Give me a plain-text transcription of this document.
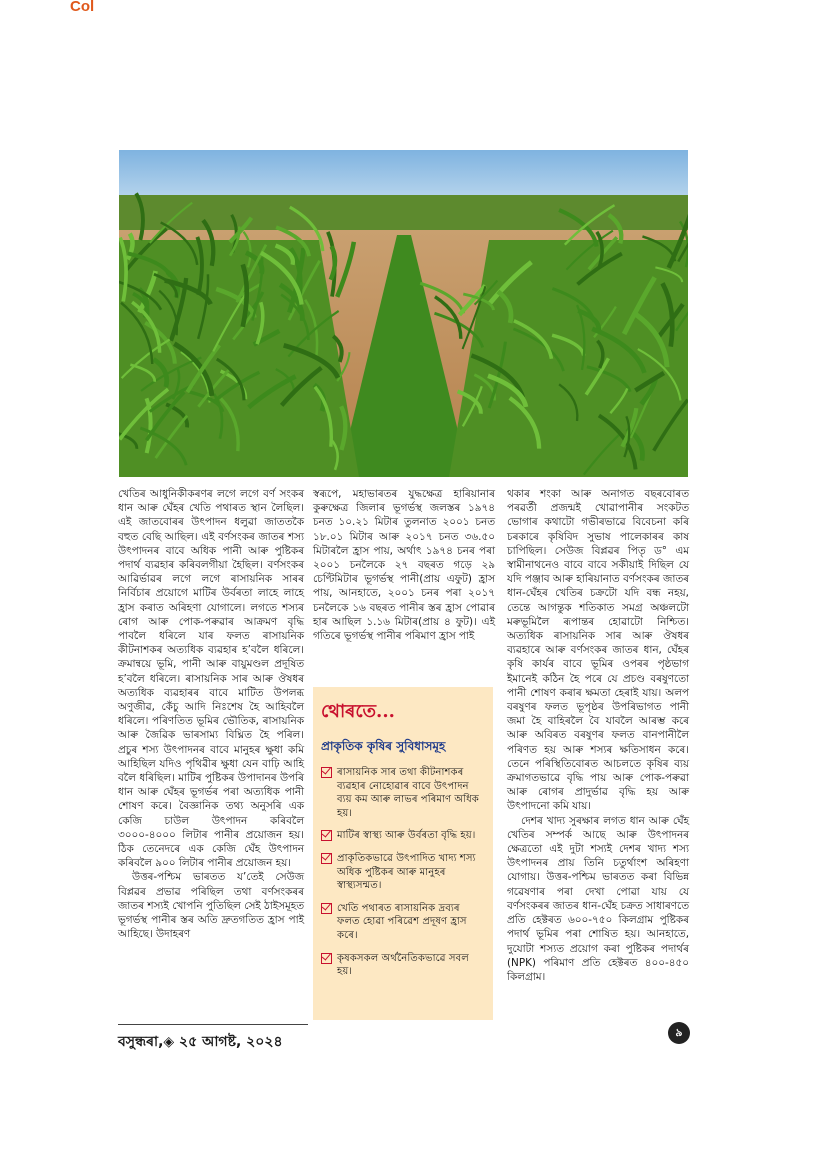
Col

খেতিৰ আধুনিকীকৰণৰ লগে লগে বৰ্ণ সংকৰ ধান আৰু ঘেঁহৰ খেতি পথাৰত স্থান লৈছিল। এই জাতবোৰৰ উৎপাদন ধলুৱা জাততকৈ বহুত বেছি আছিল। এই বৰ্ণসংকৰ জাতৰ শস্য উৎপাদনৰ বাবে অধিক পানী আৰু পুষ্টিকৰ পদাৰ্থ ব্যৱহাৰ কৰিবলগীয়া হৈছিল। বৰ্ণসংকৰ আৱিৰ্ভাৱৰ লগে লগে ৰাসায়নিক সাৰৰ নিৰ্বিচাৰ প্ৰয়োগে মাটিৰ উৰ্বৰতা লাহে লাহে হ্ৰাস কৰাত অৰিহণা যোগালে। লগতে শস্যৰ ৰোগ আৰু পোক-পৰুৱাৰ আক্ৰমণ বৃদ্ধি পাবলৈ ধৰিলে যাৰ ফলত ৰাসায়নিক কীটনাশকৰ অত্যধিক ব্যৱহাৰ হ’বলৈ ধৰিলে। ক্ৰমান্বয়ে ভূমি, পানী আৰু বায়ুমণ্ডল প্ৰদূষিত হ’বলৈ ধৰিলে। ৰাসায়নিক সাৰ আৰু ঔষধৰ অত্যধিক ব্যৱহাৰৰ বাবে মাটিত উপলব্ধ অণুজীৱ, কেঁচু আদি নিঃশেষ হৈ আহিবলৈ ধৰিলে। পৰিণতিত ভূমিৰ ভৌতিক, ৰাসায়নিক আৰু জৈৱিক ভাৰসাম্য বিঘ্নিত হৈ পৰিল। প্ৰচুৰ শস্য উৎপাদনৰ বাবে মানুহৰ ক্ষুধা কমি আহিছিল যদিও পৃথিৱীৰ ক্ষুধা যেন বাঢ়ি আহি বলৈ ধৰিছিল। মাটিৰ পুষ্টিকৰ উপাদানৰ উপৰি ধান আৰু ঘেঁহৰ ভূগৰ্ভৰ পৰা অত্যধিক পানী শোষণ কৰে। বৈজ্ঞানিক তথ্য অনুসৰি এক কেজি চাউল উৎপাদন কৰিবলৈ ৩০০০-৪০০০ লিটাৰ পানীৰ প্ৰয়োজন হয়। ঠিক তেনেদৰে এক কেজি ঘেঁহ উৎপাদন কৰিবলৈ ৯০০ লিটাৰ পানীৰ প্ৰয়োজন হয়।

উত্তৰ-পশ্চিম ভাৰতত য’তেই সেউজ বিপ্লৱৰ প্ৰভাৱ পৰিছিল তথা বৰ্ণসংকৰৰ জাতৰ শস্যই খোপনি পুতিছিল সেই ঠাইসমূহত ভূগৰ্ভস্থ পানীৰ স্তৰ অতি দ্ৰুতগতিত হ্ৰাস পাই আহিছে। উদাহৰণ

স্বৰূপে, মহাভাৰতৰ যুদ্ধক্ষেত্ৰ হাৰিয়ানাৰ কুৰুক্ষেত্ৰ জিলাৰ ভূগৰ্ভস্থ জলস্তৰ ১৯৭৪ চনত ১০.২১ মিটাৰ তুলনাত ২০০১ চনত ১৮.০১ মিটাৰ আৰু ২০১৭ চনত ৩৬.৫০ মিটাৰলৈ হ্ৰাস পায়, অৰ্থাৎ ১৯৭৪ চনৰ পৰা ২০০১ চনলৈকে ২৭ বছৰত গড়ে ২৯ চেণ্টিমিটাৰ ভূগৰ্ভস্থ পানী(প্ৰায় এফুট) হ্ৰাস পায়, আনহাতে, ২০০১ চনৰ পৰা ২০১৭ চনলৈকে ১৬ বছৰত পানীৰ স্তৰ হ্ৰাস পোৱাৰ হাৰ আছিল ১.১৬ মিটাৰ(প্ৰায় ৪ ফুট)। এই গতিৰে ভূগৰ্ভস্থ পানীৰ পৰিমাণ হ্ৰাস পাই

থোৰতে...
প্ৰাকৃতিক কৃষিৰ সুবিধাসমূহ
ৰাসায়নিক সাৰ তথা কীটনাশকৰ ব্যৱহাৰ নোহোৱাৰ বাবে উৎপাদন ব্যয় কম আৰু লাভৰ পৰিমাণ অধিক হয়।
মাটিৰ স্বাস্থ্য আৰু উৰ্বৰতা বৃদ্ধি হয়।
প্ৰাকৃতিকভাৱে উৎপাদিত খাদ্য শস্য অধিক পুষ্টিকৰ আৰু মানুহৰ স্বাস্থ্যসন্মত।
খেতি পথাৰত ৰাসায়নিক দ্ৰব্যৰ ফলত হোৱা পৰিৱেশ প্ৰদূষণ হ্ৰাস কৰে।
কৃষকসকল অৰ্থনৈতিকভাৱে সবল হয়।

থকাৰ শংকা আৰু অনাগত বছৰবোৰত পৰৱৰ্তী প্ৰজন্মই খোৱাপানীৰ সংকটত ভোগাৰ কথাটো গভীৰভাৱে বিবেচনা কৰি চৰকাৰে কৃষিবিদ সুভাষ পালেকাৰৰ কাষ চাপিছিল। সেউজ বিপ্লৱৰ পিতৃ ড° এম স্বামীনাথনেও বাবে বাবে সকীয়াই দিছিল যে যদি পঞ্জাব আৰু হাৰিয়ানাত বৰ্ণসংকৰ জাতৰ ধান-ঘেঁহৰ খেতিৰ চক্ৰটো যদি বন্ধ নহয়, তেন্তে আগন্তুক শতিকাত সমগ্ৰ অঞ্চলটো মৰুভূমিলৈ ৰূপান্তৰ হোৱাটো নিশ্চিত। অত্যধিক ৰাসায়নিক সাৰ আৰু ঔষধৰ ব্যৱহাৰে আৰু বৰ্ণসংকৰ জাতৰ ধান, ঘেঁহৰ কৃষি কাৰ্যৰ বাবে ভূমিৰ ওপৰৰ পৃষ্ঠভাগ ইমানেই কঠিন হৈ পৰে যে প্ৰচণ্ড বৰষুণতো পানী শোষণ কৰাৰ ক্ষমতা হেৰাই যায়। অলপ বৰষুণৰ ফলত ভূপৃষ্ঠৰ উপৰিভাগত পানী জমা হৈ বাহিৰলৈ বৈ যাবলৈ আৰম্ভ কৰে আৰু অবিৰত বৰষুণৰ ফলত বানপানীলৈ পৰিণত হয় আৰু শস্যৰ ক্ষতিসাধন কৰে। তেনে পৰিস্থিতিবোৰত আচলতে কৃষিৰ ব্যয় ক্ৰমাগতভাৱে বৃদ্ধি পায় আৰু পোক-পৰুৱা আৰু ৰোগৰ প্ৰাদুৰ্ভাৱ বৃদ্ধি হয় আৰু উৎপাদনো কমি যায়।

দেশৰ খাদ্য সুৰক্ষাৰ লগত ধান আৰু ঘেঁহ খেতিৰ সম্পৰ্ক আছে আৰু উৎপাদনৰ ক্ষেত্ৰতো এই দুটা শস্যই দেশৰ খাদ্য শস্য উৎপাদনৰ প্ৰায় তিনি চতুৰ্থাংশ অৰিহণা যোগায়। উত্তৰ-পশ্চিম ভাৰতত কৰা বিভিন্ন গৱেষণাৰ পৰা দেখা পোৱা যায় যে বৰ্ণসংকৰৰ জাতৰ ধান-ঘেঁহ চক্ৰত সাধাৰণতে প্ৰতি হেক্টৰত ৬০০-৭৫০ কিলগ্ৰাম পুষ্টিকৰ পদাৰ্থ ভূমিৰ পৰা শোষিত হয়। আনহাতে, দুযোটা শস্যত প্ৰয়োগ কৰা পুষ্টিকৰ পদাৰ্থৰ (NPK) পৰিমাণ প্ৰতি হেক্টৰত ৪০০-৪৫০ কিলগ্ৰাম।

বসুন্ধৰা,◈ ২৫ আগষ্ট, ২০২৪
৯
